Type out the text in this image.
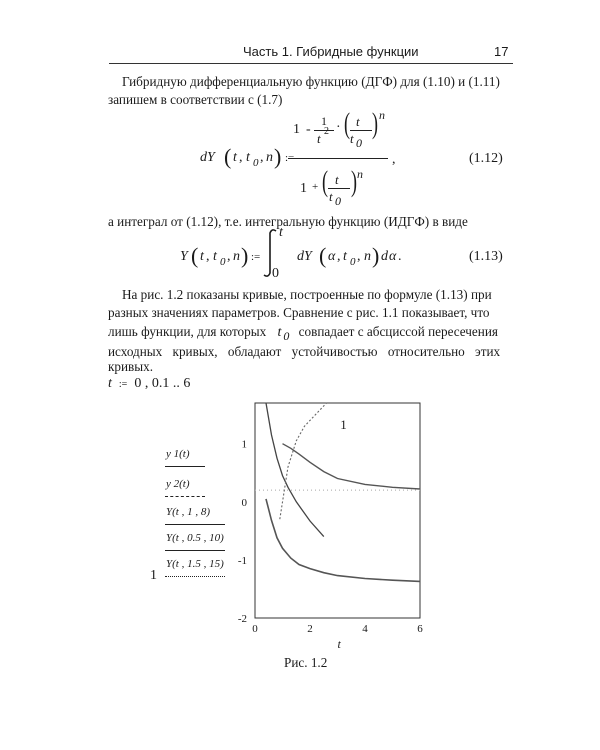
Часть 1. Гибридные функции	17
Гибридную дифференциальную функцию (ДГФ) для (1.10) и (1.11)
запишем в соответствии с (1.7)
dY ( t , t 0 , n ) :=
1 -
1
t 2 · ( t
t 0
) n
1 + ( t
t 0
) n
,	(1.12)
а интеграл от (1.12), т.е. интегральную функцию (ИДГФ) в виде
Y ( t , t 0 , n ) :=
t
0
dY ( α , t 0 , n ) d α .	(1.13)
На рис. 1.2 показаны кривые, построенные по формуле (1.13) при
разных значениях параметров. Сравнение с рис. 1.1 показывает, что
лишь функции, для которых t 0 совпадает с абсциссой пересечения
исходных кривых, обладают устойчивостью относительно этих
кривых.
t := 0 , 0.1 .. 6
y 1(t)
y 2(t)
Y(t , 1 , 8)
Y(t , 0.5 , 10)
Y(t , 1.5 , 15)
1
-2
-1
0
1
0	2	4	6
1
t
Рис. 1.2
